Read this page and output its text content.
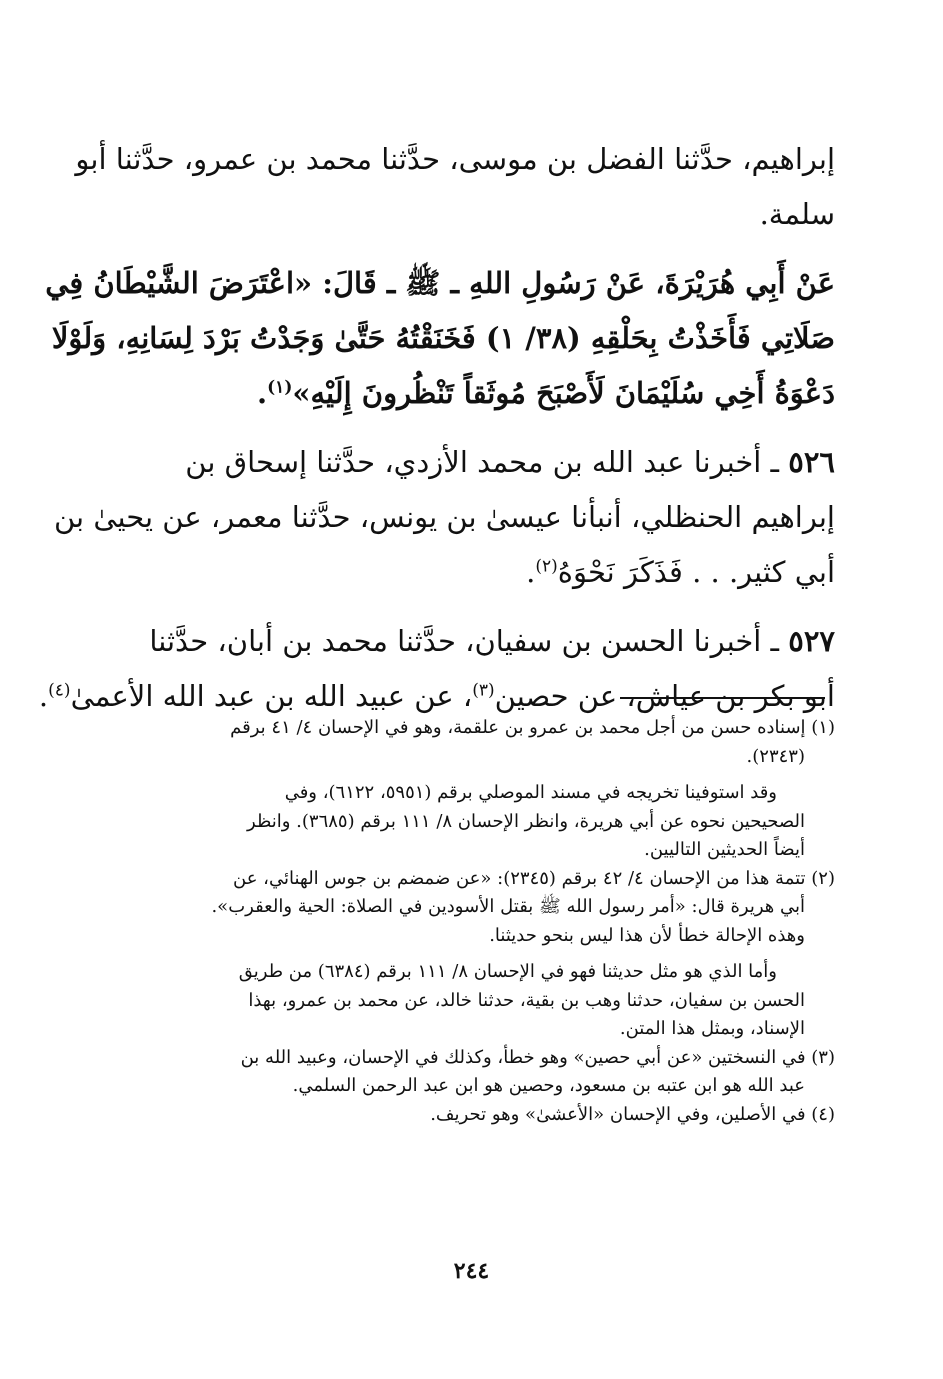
إبراهيم، حدَّثنا الفضل بن موسى، حدَّثنا محمد بن عمرو، حدَّثنا أبو
سلمة.
عَنْ أَبِي هُرَيْرَةَ، عَنْ رَسُولِ اللهِ ـ ﷺ ـ قَالَ: «اعْتَرَضَ الشَّيْطَانُ فِي
صَلَاتِي فَأَخَذْتُ بِحَلْقِهِ (٣٨/ ١) فَخَنَقْتُهُ حَتَّىٰ وَجَدْتُ بَرْدَ لِسَانِهِ، وَلَوْلَا
دَعْوَةُ أَخِي سُلَيْمَانَ لَأَصْبَحَ مُوثَقاً تَنْظُرونَ إِلَيْهِ»$^{(١)}$.
٥٢٦ ـ أخبرنا عبد الله بن محمد الأزدي، حدَّثنا إسحاق بن
إبراهيم الحنظلي، أنبأنا عيسىٰ بن يونس، حدَّثنا معمر، عن يحيىٰ بن
أبي كثير. . . فَذَكَرَ نَحْوَهُ$^{(٢)}$.
٥٢٧ ـ أخبرنا الحسن بن سفيان، حدَّثنا محمد بن أبان، حدَّثنا
أبو بكر بن عياش، عن حصين$^{(٣)}$، عن عبيد الله بن عبد الله الأعمىٰ$^{(٤)}$.
(١) إسناده حسن من أجل محمد بن عمرو بن علقمة، وهو في الإحسان ٤/ ٤١ برقم
(٢٣٤٣).
وقد استوفينا تخريجه في مسند الموصلي برقم (٥٩٥١، ٦١٢٢)، وفي
الصحيحين نحوه عن أبي هريرة، وانظر الإحسان ٨/ ١١١ برقم (٣٦٨٥). وانظر
أيضاً الحديثين التاليين.
(٢) تتمة هذا من الإحسان ٤/ ٤٢ برقم (٢٣٤٥): «عن ضمضم بن جوس الهنائي، عن
أبي هريرة قال: «أمر رسول الله ﷺ بقتل الأسودين في الصلاة: الحية والعقرب».
وهذه الإحالة خطأ لأن هذا ليس بنحو حديثنا.
وأما الذي هو مثل حديثنا فهو في الإحسان ٨/ ١١١ برقم (٦٣٨٤) من طريق
الحسن بن سفيان، حدثنا وهب بن بقية، حدثنا خالد، عن محمد بن عمرو، بهذا
الإسناد، وبمثل هذا المتن.
(٣) في النسختين «عن أبي حصين» وهو خطأ، وكذلك في الإحسان، وعبيد الله بن
عبد الله هو ابن عتبه بن مسعود، وحصين هو ابن عبد الرحمن السلمي.
(٤) في الأصلين، وفي الإحسان «الأعشىٰ» وهو تحريف.
٢٤٤
